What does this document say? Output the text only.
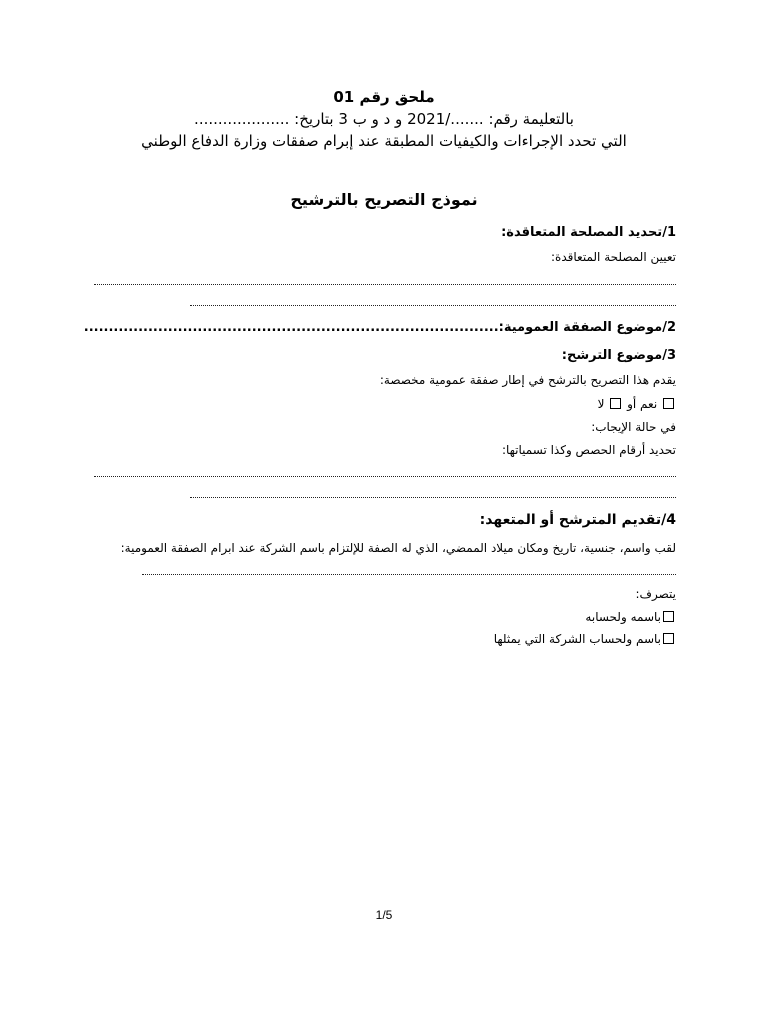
ملحق رقم 01
بالتعليمة رقم: ......./2021 و د و ب 3 بتاريخ: ....................
التي تحدد الإجراءات والكيفيات المطبقة عند إبرام صفقات وزارة الدفاع الوطني
نموذج التصريح بالترشيح
1/تحديد المصلحة المتعاقدة:
تعيين المصلحة المتعاقدة:
2/موضوع الصفقة العمومية:....................................................................................
3/موضوع الترشح:
يقدم هذا التصريح بالترشح في إطار صفقة عمومية مخصصة:
نعم أو  لا
في حالة الإيجاب:
تحديد أرقام الحصص وكذا تسمياتها:
4/تقديم المترشح أو المتعهد:
لقب واسم، جنسية، تاريخ ومكان ميلاد الممضي، الذي له الصفة للإلتزام باسم الشركة عند ابرام الصفقة العمومية:
يتصرف:
باسمه ولحسابه
باسم ولحساب الشركة التي يمثلها
1/5
